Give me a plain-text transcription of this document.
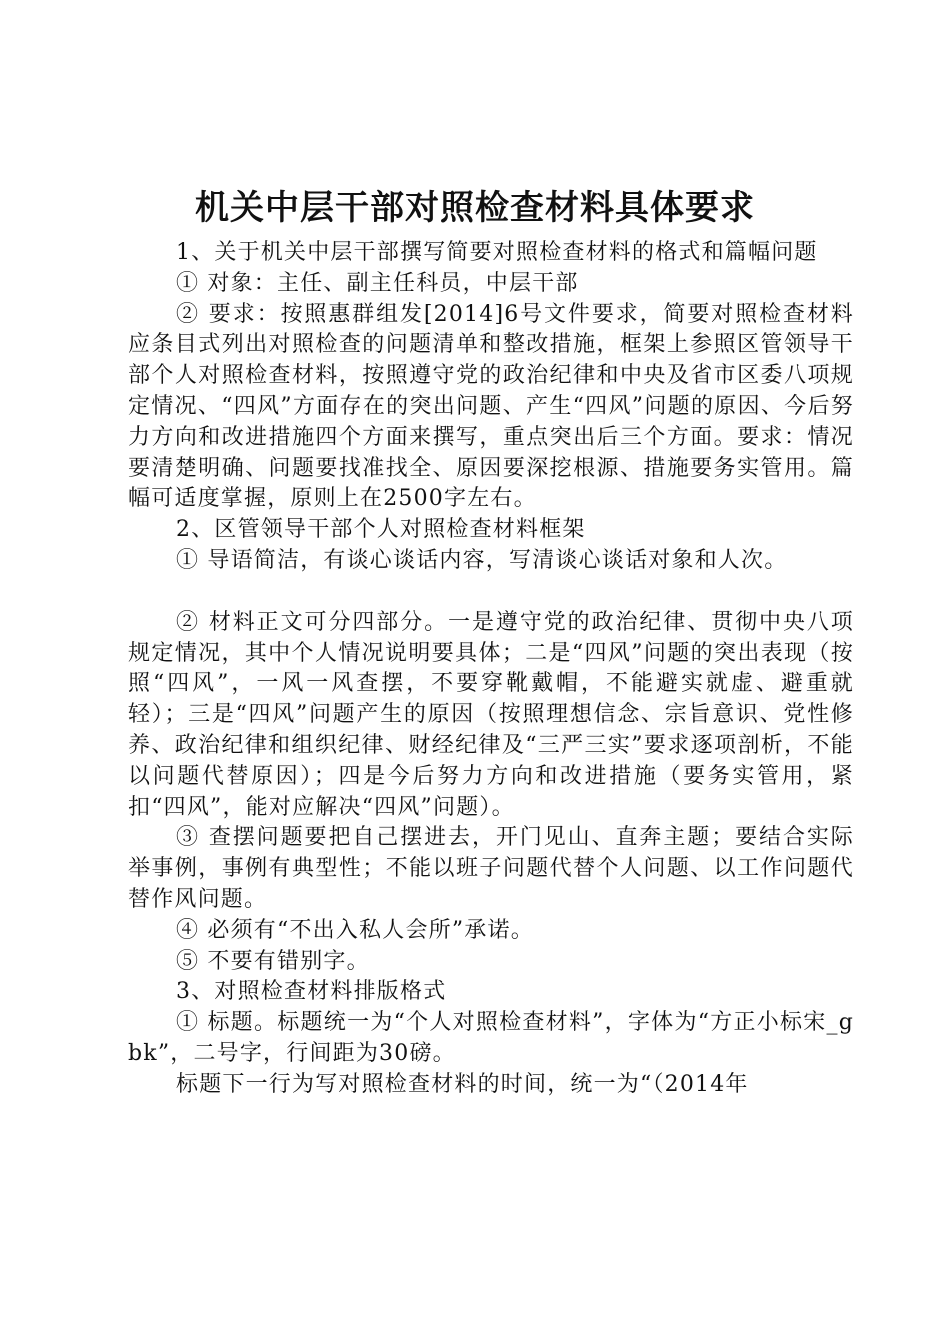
机关中层干部对照检查材料具体要求

1、关于机关中层干部撰写简要对照检查材料的格式和篇幅问题

① 对象：主任、副主任科员，中层干部

② 要求：按照惠群组发[2014]6号文件要求，简要对照检查材料应条目式列出对照检查的问题清单和整改措施，框架上参照区管领导干部个人对照检查材料，按照遵守党的政治纪律和中央及省市区委八项规定情况、“四风”方面存在的突出问题、产生“四风”问题的原因、今后努力方向和改进措施四个方面来撰写，重点突出后三个方面。要求：情况要清楚明确、问题要找准找全、原因要深挖根源、措施要务实管用。篇幅可适度掌握，原则上在2500字左右。

2、区管领导干部个人对照检查材料框架

① 导语简洁，有谈心谈话内容，写清谈心谈话对象和人次。

② 材料正文可分四部分。一是遵守党的政治纪律、贯彻中央八项规定情况，其中个人情况说明要具体；二是“四风”问题的突出表现（按照“四风”，一风一风查摆，不要穿靴戴帽，不能避实就虚、避重就轻）；三是“四风”问题产生的原因（按照理想信念、宗旨意识、党性修养、政治纪律和组织纪律、财经纪律及“三严三实”要求逐项剖析，不能以问题代替原因）；四是今后努力方向和改进措施（要务实管用，紧扣“四风”，能对应解决“四风”问题）。

③ 查摆问题要把自己摆进去，开门见山、直奔主题；要结合实际举事例，事例有典型性；不能以班子问题代替个人问题、以工作问题代替作风问题。

④ 必须有“不出入私人会所”承诺。

⑤ 不要有错别字。

3、对照检查材料排版格式

① 标题。标题统一为“个人对照检查材料”，字体为“方正小标宋_gbk”，二号字，行间距为30磅。

标题下一行为写对照检查材料的时间，统一为“（2014年
